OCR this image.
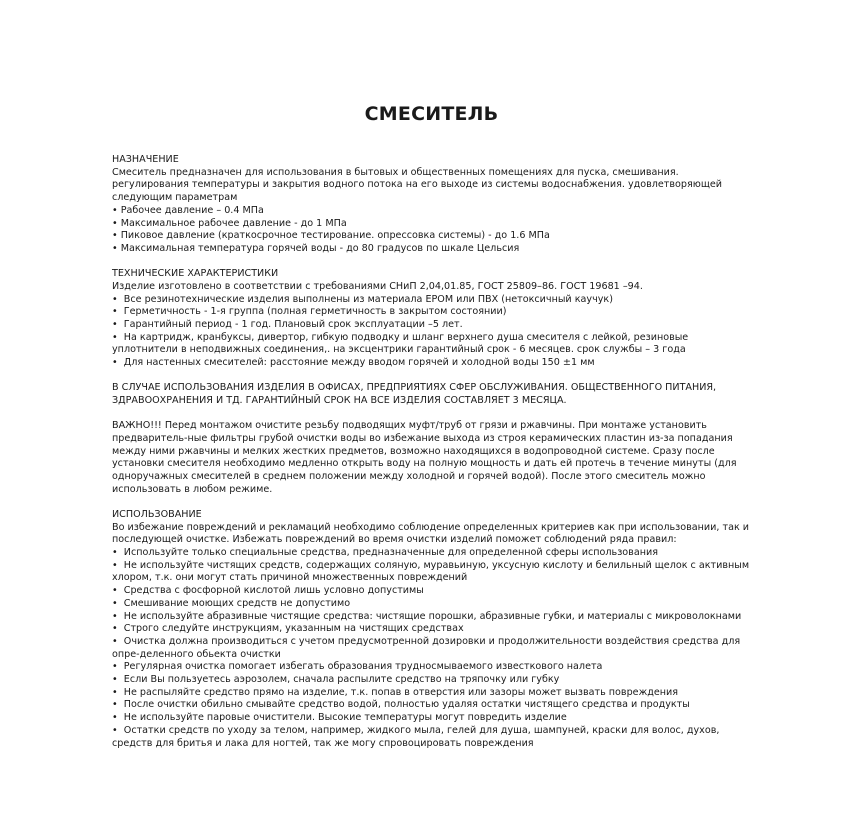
СМЕСИТЕЛЬ
НАЗНАЧЕНИЕ
Смеситель предназначен для использования в бытовых и общественных помещениях для пуска, смешивания. регулирования температуры и закрытия водного потока на его выходе из системы водоснабжения. удовлетворяющей следующим параметрам
• Рабочее давление – 0.4 МПа
• Максимальное рабочее давление - до 1 МПа
• Пиковое давление (краткосрочное тестирование. опрессовка системы) - до 1.6 МПа
• Максимальная температура горячей воды - до 80 градусов по шкале Цельсия
ТЕХНИЧЕСКИЕ ХАРАКТЕРИСТИКИ
Изделие изготовлено в соответствии с требованиями СНиП 2,04,01.85, ГОСТ 25809–86. ГОСТ 19681 –94.
•  Все резинотехнические изделия выполнены из материала EPOM или ПВХ (нетоксичный каучук)
•  Герметичность - 1-я группа (полная герметичность в закрытом состоянии)
•  Гарантийный период - 1 год. Плановый срок эксплуатации –5 лет.
•  На картридж, кранбуксы, дивертор, гибкую подводку и шланг верхнего душа смесителя с лейкой, резиновые уплотнители в неподвижных соединения,. на эксцентрики гарантийный срок - 6 месяцев. срок службы – 3 года
•  Для настенных смесителей: расстояние между вводом горячей и холодной воды 150 ±1 мм
В СЛУЧАЕ ИСПОЛЬЗОВАНИЯ ИЗДЕЛИЯ В ОФИСАХ, ПРЕДПРИЯТИЯХ СФЕР ОБСЛУЖИВАНИЯ. ОБЩЕСТВЕННОГО ПИТАНИЯ, ЗДРАВООХРАНЕНИЯ И ТД. ГАРАНТИЙНЫЙ СРОК НА ВСЕ ИЗДЕЛИЯ СОСТАВЛЯЕТ 3 МЕСЯЦА.
ВАЖНО!!! Перед монтажом очистите резьбу подводящих муфт/труб от грязи и ржавчины. При монтаже установить предваритель-ные фильтры грубой очистки воды во избежание выхода из строя керамических пластин из-за попадания между ними ржавчины и мелких жестких предметов, возможно находящихся в водопроводной системе. Сразу после установки смесителя необходимо медленно открыть воду на полную мощность и дать ей протечь в течение минуты (для одноручажных смесителей в среднем положении между холодной и горячей водой). После этого смеситель можно использовать в любом режиме.
ИСПОЛЬЗОВАНИЕ
Во избежание повреждений и рекламаций необходимо соблюдение определенных критериев как при использовании, так и последующей очистке. Избежать повреждений во время очистки изделий поможет соблюдений ряда правил:
•  Используйте только специальные средства, предназначенные для определенной сферы использования
•  Не используйте чистящих средств, содержащих соляную, муравьиную, уксусную кислоту и белильный щелок с активным хлором, т.к. они могут стать причиной множественных повреждений
•  Средства с фосфорной кислотой лишь условно допустимы
•  Смешивание моющих средств не допустимо
•  Не используйте абразивные чистящие средства: чистящие порошки, абразивные губки, и материалы с микроволокнами
•  Строго следуйте инструкциям, указанным на чистящих средствах
•  Очистка должна производиться с учетом предусмотренной дозировки и продолжительности воздействия средства для опре-деленного обьекта очистки
•  Регулярная очистка помогает избегать образования трудносмываемого известкового налета
•  Если Вы пользуетесь аэрозолем, сначала распылите средство на тряпочку или губку
•  Не распыляйте средство прямо на изделие, т.к. попав в отверстия или зазоры может вызвать повреждения
•  После очистки обильно смывайте средство водой, полностью удаляя остатки чистящего средства и продукты
•  Не используйте паровые очистители. Высокие температуры могут повредить изделие
•  Остатки средств по уходу за телом, например, жидкого мыла, гелей для душа, шампуней, краски для волос, духов, средств для бритья и лака для ногтей, так же могу спровоцировать повреждения
